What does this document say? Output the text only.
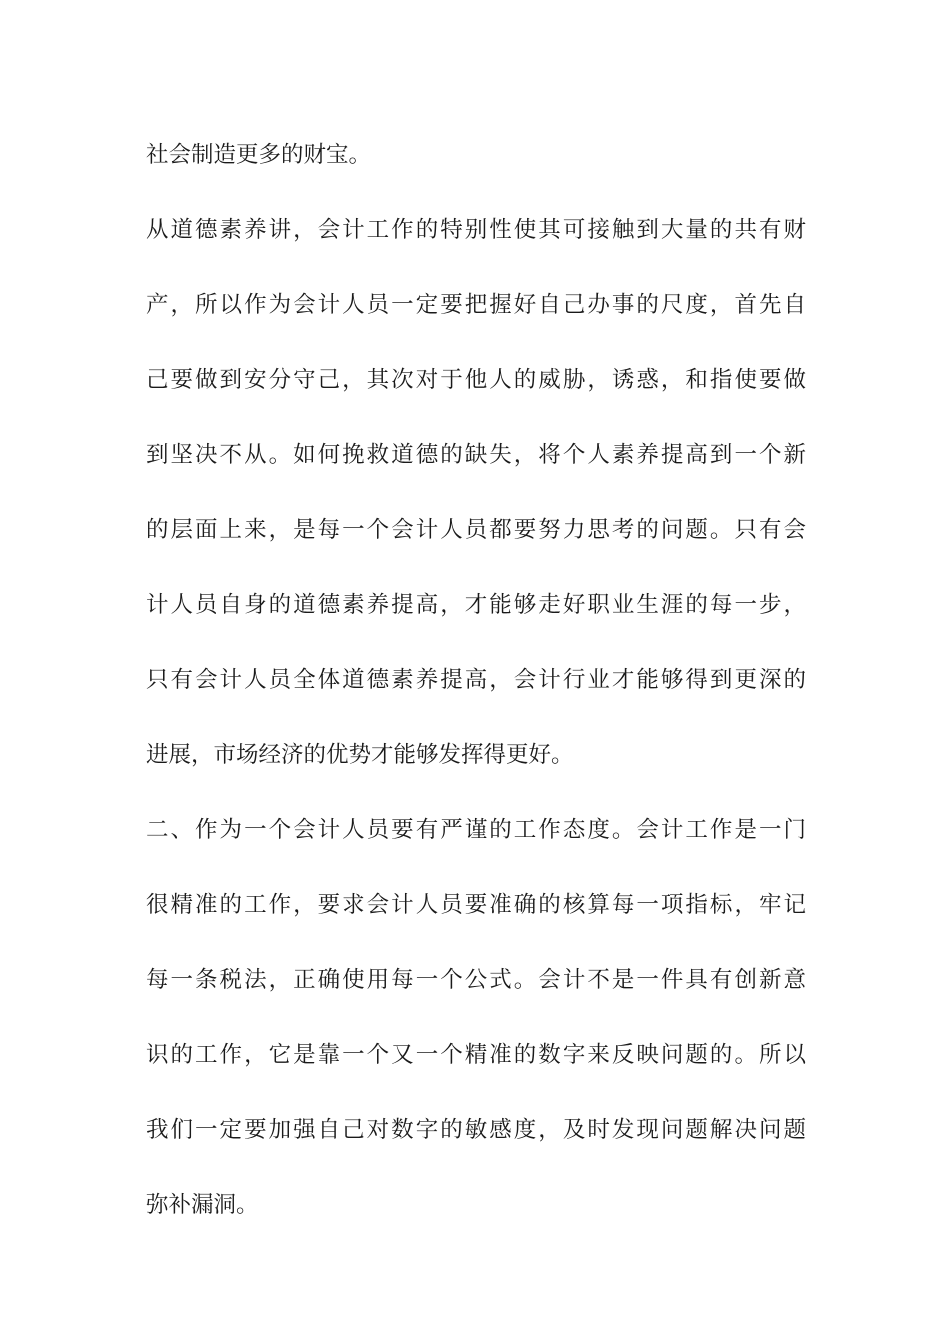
社会制造更多的财宝。
从道德素养讲，会计工作的特别性使其可接触到大量的共有财
产，所以作为会计人员一定要把握好自己办事的尺度，首先自
己要做到安分守己，其次对于他人的威胁，诱惑，和指使要做
到坚决不从。如何挽救道德的缺失，将个人素养提高到一个新
的层面上来，是每一个会计人员都要努力思考的问题。只有会
计人员自身的道德素养提高，才能够走好职业生涯的每一步，
只有会计人员全体道德素养提高，会计行业才能够得到更深的
进展，市场经济的优势才能够发挥得更好。
二、作为一个会计人员要有严谨的工作态度。会计工作是一门
很精准的工作，要求会计人员要准确的核算每一项指标，牢记
每一条税法，正确使用每一个公式。会计不是一件具有创新意
识的工作，它是靠一个又一个精准的数字来反映问题的。所以
我们一定要加强自己对数字的敏感度，及时发现问题解决问题
弥补漏洞。
